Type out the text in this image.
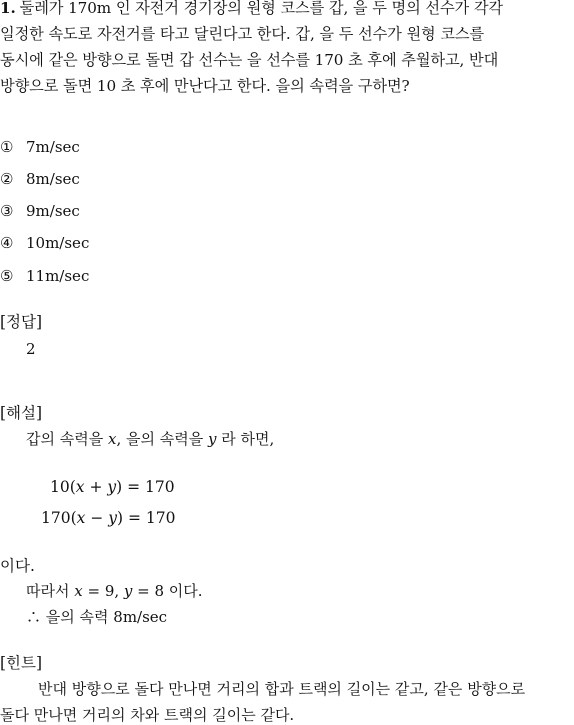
1. 둘레가 170m 인 자전거 경기장의 원형 코스를 갑, 을 두 명의 선수가 각각
일정한 속도로 자전거를 타고 달린다고 한다. 갑, 을 두 선수가 원형 코스를
동시에 같은 방향으로 돌면 갑 선수는 을 선수를 170 초 후에 추월하고, 반대
방향으로 돌면 10 초 후에 만난다고 한다. 을의 속력을 구하면?
① 7m/sec
② 8m/sec
③ 9m/sec
④ 10m/sec
⑤ 11m/sec
[정답]
2
[해설]
갑의 속력을 x, 을의 속력을 y 라 하면,
10(x + y) = 170
170(x − y) = 170
이다.
따라서 x = 9, y = 8 이다.
∴ 을의 속력 8m/sec
[힌트]
반대 방향으로 돌다 만나면 거리의 합과 트랙의 길이는 같고, 같은 방향으로
돌다 만나면 거리의 차와 트랙의 길이는 같다.
